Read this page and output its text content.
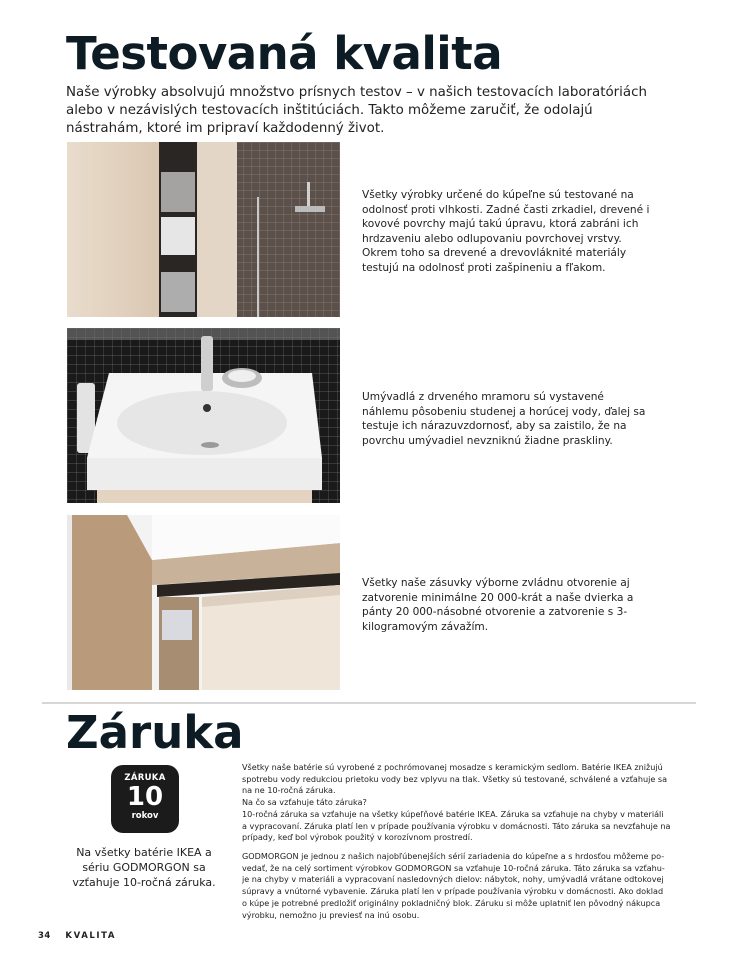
Testovaná kvalita

Naše výrobky absolvujú množstvo prísnych testov – v našich testovacích laboratóriách alebo v nezávislých testovacích inštitúciách. Takto môžeme zaručiť, že odolajú nástrahám, ktoré im pripraví každodenný život.

Všetky výrobky určené do kúpeľne sú testované na odolnosť proti vlhkosti. Zadné časti zrkadiel, drevené i kovové povrchy majú takú úpravu, ktorá zabráni ich hrdzaveniu alebo odlupovaniu povrchovej vrstvy. Okrem toho sa drevené a drevovláknité materiály testujú na odolnosť proti zašpineniu a fľakom.

Umývadlá z drveného mramoru sú vystavené náhlemu pôsobeniu studenej a horúcej vody, ďalej sa testuje ich nárazuvzdornosť, aby sa zaistilo, že na povrchu umývadiel nevzniknú žiadne praskliny.

Všetky naše zásuvky výborne zvládnu otvorenie aj zatvorenie minimálne 20 000-krát a naše dvierka a pánty 20 000-násobné otvorenie a zatvorenie s 3-kilogramovým závažím.

Záruka
ZÁRUKA
10
rokov

Na všetky batérie IKEA a sériu GODMORGON sa vzťahuje 10-ročná záruka.

Všetky naše batérie sú vyrobené z pochrómovanej mosadze s keramickým sedlom. Batérie IKEA znižujú
spotrebu vody redukciou prietoku vody bez vplyvu na tlak. Všetky sú testované, schválené a vzťahuje sa
na ne 10-ročná záruka.
Na čo sa vzťahuje táto záruka?
10-ročná záruka sa vzťahuje na všetky kúpeľňové batérie IKEA. Záruka sa vzťahuje na chyby v materiáli
a vypracovaní. Záruka platí len v prípade používania výrobku v domácnosti. Táto záruka sa nevzťahuje na
prípady, keď bol výrobok použitý v korozívnom prostredí.
GODMORGON je jednou z našich najobľúbenejších sérií zariadenia do kúpeľne a s hrdosťou môžeme po-
vedať, že na celý sortiment výrobkov GODMORGON sa vzťahuje 10-ročná záruka. Táto záruka sa vzťahu-
je na chyby v materiáli a vypracovaní nasledovných dielov: nábytok, nohy, umývadlá vrátane odtokovej
súpravy a vnútorné vybavenie. Záruka platí len v prípade používania výrobku v domácnosti. Ako doklad
o kúpe je potrebné predložiť originálny pokladničný blok. Záruku si môže uplatniť len pôvodný nákupca
výrobku, nemožno ju previesť na inú osobu.
34 KVALITA
